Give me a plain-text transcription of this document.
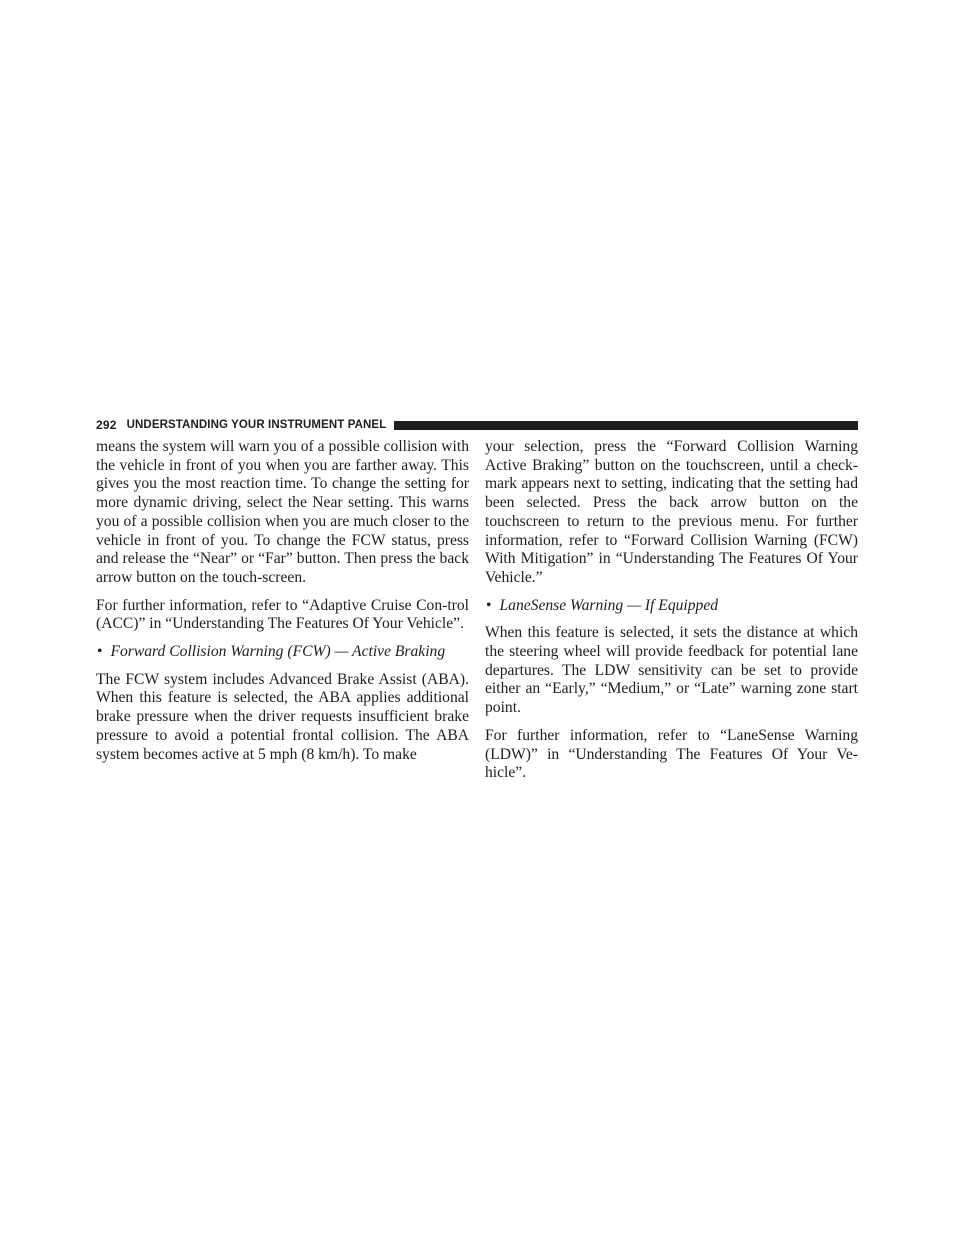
292 UNDERSTANDING YOUR INSTRUMENT PANEL

means the system will warn you of a possible collision with the vehicle in front of you when you are farther away. This gives you the most reaction time. To change the setting for more dynamic driving, select the Near setting. This warns you of a possible collision when you are much closer to the vehicle in front of you. To change the FCW status, press and release the “Near” or “Far” button. Then press the back arrow button on the touch-screen.

For further information, refer to “Adaptive Cruise Con-trol (ACC)” in “Understanding The Features Of Your Vehicle”.

• Forward Collision Warning (FCW) — Active Braking

The FCW system includes Advanced Brake Assist (ABA). When this feature is selected, the ABA applies additional brake pressure when the driver requests insufficient brake pressure to avoid a potential frontal collision. The ABA system becomes active at 5 mph (8 km/h). To make

your selection, press the “Forward Collision Warning Active Braking” button on the touchscreen, until a check-mark appears next to setting, indicating that the setting had been selected. Press the back arrow button on the touchscreen to return to the previous menu. For further information, refer to “Forward Collision Warning (FCW) With Mitigation” in “Understanding The Features Of Your Vehicle.”

• LaneSense Warning — If Equipped

When this feature is selected, it sets the distance at which the steering wheel will provide feedback for potential lane departures. The LDW sensitivity can be set to provide either an “Early,” “Medium,” or “Late” warning zone start point.

For further information, refer to “LaneSense Warning (LDW)” in “Understanding The Features Of Your Ve-hicle”.
